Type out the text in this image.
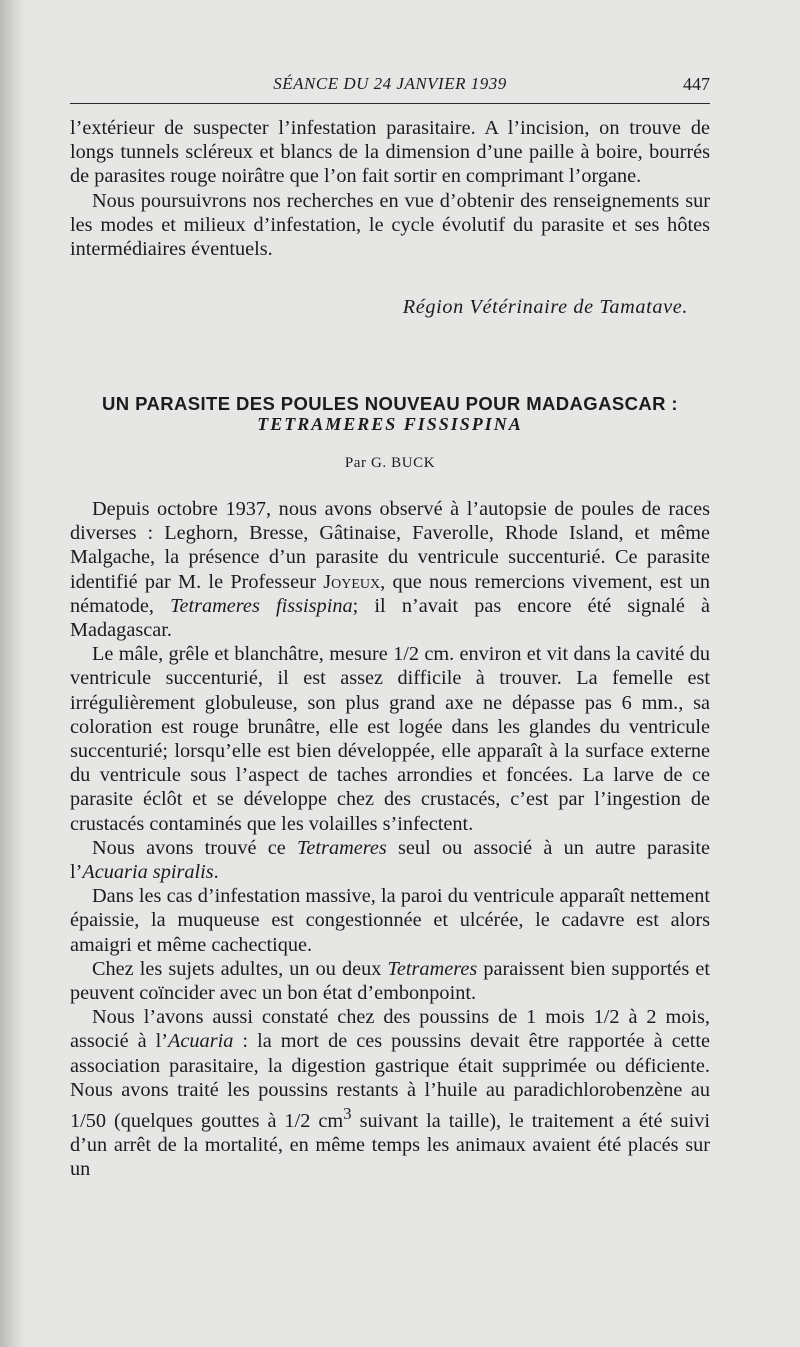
SÉANCE DU 24 JANVIER 1939	447

l’extérieur de suspecter l’infestation parasitaire. A l’incision, on trouve de longs tunnels scléreux et blancs de la dimension d’une paille à boire, bourrés de parasites rouge noirâtre que l’on fait sortir en comprimant l’organe.

Nous poursuivrons nos recherches en vue d’obtenir des renseignements sur les modes et milieux d’infestation, le cycle évolutif du parasite et ses hôtes intermédiaires éventuels.

Région Vétérinaire de Tamatave.
UN PARASITE DES POULES NOUVEAU POUR MADAGASCAR :
TETRAMERES FISSISPINA
Par G. BUCK

Depuis octobre 1937, nous avons observé à l’autopsie de poules de races diverses : Leghorn, Bresse, Gâtinaise, Faverolle, Rhode Island, et même Malgache, la présence d’un parasite du ventricule succenturié. Ce parasite identifié par M. le Professeur Joyeux, que nous remercions vivement, est un nématode, Tetrameres fissispina; il n’avait pas encore été signalé à Madagascar.

Le mâle, grêle et blanchâtre, mesure 1/2 cm. environ et vit dans la cavité du ventricule succenturié, il est assez difficile à trouver. La femelle est irrégulièrement globuleuse, son plus grand axe ne dépasse pas 6 mm., sa coloration est rouge brunâtre, elle est logée dans les glandes du ventricule succenturié; lorsqu’elle est bien développée, elle apparaît à la surface externe du ventricule sous l’aspect de taches arrondies et foncées. La larve de ce parasite éclôt et se développe chez des crustacés, c’est par l’ingestion de crustacés contaminés que les volailles s’infectent.

Nous avons trouvé ce Tetrameres seul ou associé à un autre parasite l’Acuaria spiralis.

Dans les cas d’infestation massive, la paroi du ventricule apparaît nettement épaissie, la muqueuse est congestionnée et ulcérée, le cadavre est alors amaigri et même cachectique.

Chez les sujets adultes, un ou deux Tetrameres paraissent bien supportés et peuvent coïncider avec un bon état d’embonpoint.

Nous l’avons aussi constaté chez des poussins de 1 mois 1/2 à 2 mois, associé à l’Acuaria : la mort de ces poussins devait être rapportée à cette association parasitaire, la digestion gastrique était supprimée ou déficiente. Nous avons traité les poussins restants à l’huile au paradichlorobenzène au 1/50 (quelques gouttes à 1/2 $cm^3$ suivant la taille), le traitement a été suivi d’un arrêt de la mortalité, en même temps les animaux avaient été placés sur un
